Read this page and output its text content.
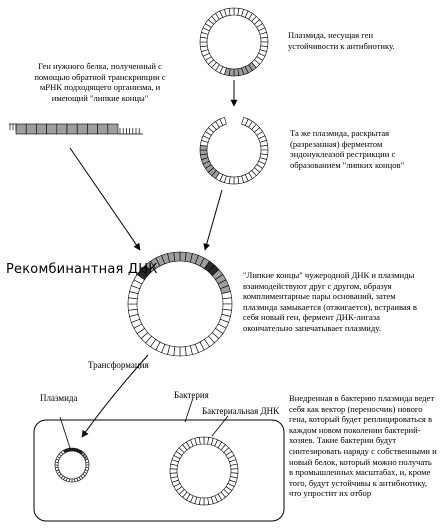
Плазмида, несущая ген устойчивости к антибиотику.

Ген нужного белка, полученный с помощью обратной транскрипции с мРНК подходящего организма, и имеющий "липкие концы"

Та же плазмида, раскрытая (разрезанная) ферментом эндонуклеазой рестрикции с образованием "липких концов"

Рекомбинантная ДНК	"Липкие концы" чужеродной ДНК и плазмиды взаимодействуют друг с другом, образуя комплиментарные пары оснований, затем плазмида замыкается (отжигается), встраивая в себя новый ген, фермент ДНК-лигаза окончательно запечатывает плазмиду.

Трансформация

Плазмида	Бактерия

Бактериальная ДНК

Внедренная в бактерию плазмида ведет себя как вектор (переносчик) нового гена, который будет реплицироваться в каждом новом поколении бактерий-хозяев. Такие бактерии будут синтезировать наряду с собственными и новый белок, который можно получать в промышленных масштабах, и, кроме того, будут устойчивы к антибиотику, что упростит их отбор
